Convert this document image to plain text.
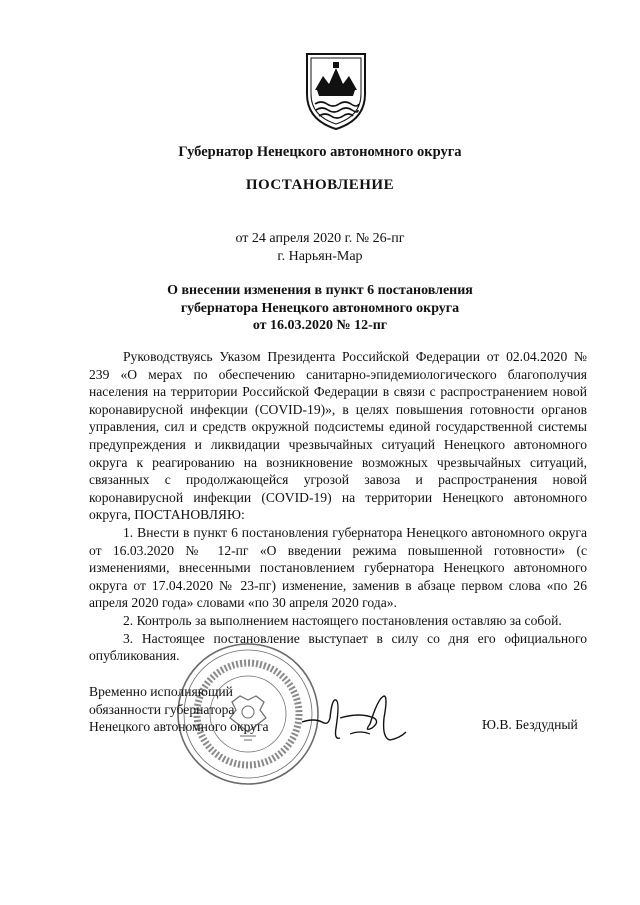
Губернатор Ненецкого автономного округа
ПОСТАНОВЛЕНИЕ
от 24 апреля 2020 г. № 26-пг
г. Нарьян-Мар
О внесении изменения в пункт 6 постановления
губернатора Ненецкого автономного округа
от 16.03.2020 № 12-пг

Руководствуясь Указом Президента Российской Федерации от 02.04.2020 № 239 «О мерах по обеспечению санитарно-эпидемиологического благополучия населения на территории Российской Федерации в связи с распространением новой коронавирусной инфекции (COVID-19)», в целях повышения готовности органов управления, сил и средств окружной подсистемы единой государственной системы предупреждения и ликвидации чрезвычайных ситуаций Ненецкого автономного округа к реагированию на возникновение возможных чрезвычайных ситуаций, связанных с продолжающейся угрозой завоза и распространения новой коронавирусной инфекции (COVID-19) на территории Ненецкого автономного округа, ПОСТАНОВЛЯЮ:

1. Внести в пункт 6 постановления губернатора Ненецкого автономного округа от 16.03.2020 № 12-пг «О введении режима повышенной готовности» (с изменениями, внесенными постановлением губернатора Ненецкого автономного округа от 17.04.2020 № 23-пг) изменение, заменив в абзаце первом слова «по 26 апреля 2020 года» словами «по 30 апреля 2020 года».

2. Контроль за выполнением настоящего постановления оставляю за собой.

3. Настоящее постановление выступает в силу со дня его официального опубликования.

Временно исполняющий
обязанности губернатора
Ненецкого автономного округа	Ю.В. Бездудный
